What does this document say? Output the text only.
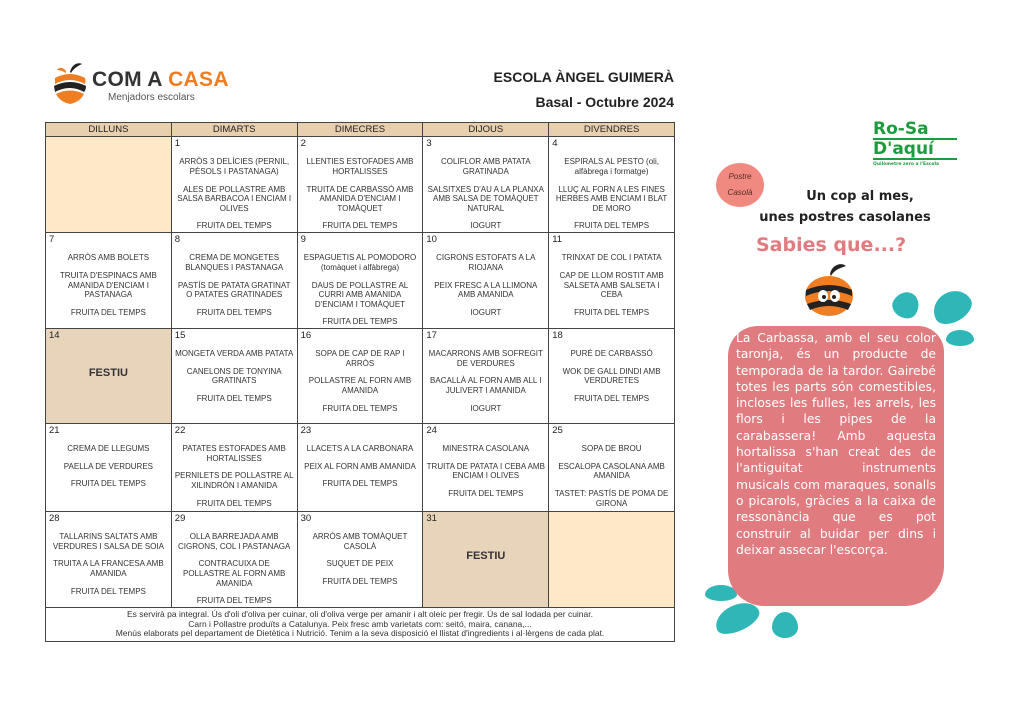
COM A CASA
Menjadors escolars
ESCOLA ÀNGEL GUIMERÀ
Basal - Octubre 2024
DILLUNS	DIMARTS	DIMECRES	DIJOUS	DIVENDRES

	1
ARRÒS 3 DELÍCIES (PERNIL, PÈSOLS I PASTANAGA)
ALES DE POLLASTRE AMB SALSA BARBACOA I ENCIAM I OLIVES
FRUITA DEL TEMPS	2
LLENTIES ESTOFADES AMB HORTALISSES
TRUITA DE CARBASSÓ AMB AMANIDA D'ENCIAM I TOMÀQUET
FRUITA DEL TEMPS	3
COLIFLOR AMB PATATA GRATINADA
SALSITXES D'AU A LA PLANXA AMB SALSA DE TOMÀQUET NATURAL
IOGURT	4
ESPIRALS AL PESTO (oli, alfàbrega i formatge)
LLUÇ AL FORN A LES FINES HERBES AMB ENCIAM I BLAT DE MORO
FRUITA DEL TEMPS

7
ARRÒS AMB BOLETS
TRUITA D'ESPINACS AMB AMANIDA D'ENCIAM I PASTANAGA
FRUITA DEL TEMPS	8
CREMA DE MONGETES BLANQUES I PASTANAGA
PASTÍS DE PATATA GRATINAT O PATATES GRATINADES
FRUITA DEL TEMPS	9
ESPAGUETIS AL POMODORO (tomàquet i alfàbrega)
DAUS DE POLLASTRE AL CURRI AMB AMANIDA D'ENCIAM I TOMÀQUET
FRUITA DEL TEMPS	10
CIGRONS ESTOFATS A LA RIOJANA
PEIX FRESC A LA LLIMONA AMB AMANIDA
IOGURT	11
TRINXAT DE COL I PATATA
CAP DE LLOM ROSTIT AMB SALSETA AMB SALSETA I CEBA
FRUITA DEL TEMPS

14
FESTIU	15
MONGETA VERDA AMB PATATA
CANELONS DE TONYINA GRATINATS
FRUITA DEL TEMPS	16
SOPA DE CAP DE RAP I ARRÒS
POLLASTRE AL FORN AMB AMANIDA
FRUITA DEL TEMPS	17
MACARRONS AMB SOFREGIT DE VERDURES
BACALLÀ AL FORN AMB ALL I JULIVERT I AMANIDA
IOGURT	18
PURÉ DE CARBASSÓ
WOK DE GALL DINDI AMB VERDURETES
FRUITA DEL TEMPS

21
CREMA DE LLEGUMS
PAELLA DE VERDURES
FRUITA DEL TEMPS	22
PATATES ESTOFADES AMB HORTALISSES
PERNILETS DE POLLASTRE AL XILINDRÓN I AMANIDA
FRUITA DEL TEMPS	23
LLACETS A LA CARBONARA
PEIX AL FORN AMB AMANIDA
FRUITA DEL TEMPS	24
MINESTRA CASOLANA
TRUITA DE PATATA I CEBA AMB ENCIAM I OLIVES
FRUITA DEL TEMPS	25
SOPA DE BROU
ESCALOPA CASOLANA AMB AMANIDA
TASTET: PASTÍS DE POMA DE GIRONA

28
TALLARINS SALTATS AMB VERDURES I SALSA DE SOIA
TRUITA A LA FRANCESA AMB AMANIDA
FRUITA DEL TEMPS	29
OLLA BARREJADA AMB CIGRONS, COL I PASTANAGA
CONTRACUIXA DE POLLASTRE AL FORN AMB AMANIDA
FRUITA DEL TEMPS	30
ARRÒS AMB TOMÀQUET CASOLÀ
SUQUET DE PEIX
FRUITA DEL TEMPS	31
FESTIU	

Es servirà pa integral. Ús d'oli d'oliva per cuinar, oli d'oliva verge per amanir i alt oleic per fregir. Ús de sal Iodada per cuinar.
Carn i Pollastre produïts a Catalunya. Peix fresc amb varietats com: seitó, maira, canana,...
Menús elaborats pel departament de Dietètica i Nutrició. Tenim a la seva disposició el llistat d'ingredients i al·lèrgens de cada plat.				
Ro-Sa
D'aquí
Quilòmetre zero a l'Escola
Postre
Casolà	Un cop al mes,
unes postres casolanes
Sabies que...?
La Carbassa, amb el seu color taronja, és un producte de temporada de la tardor. Gairebé totes les parts són comestibles, incloses les fulles, les arrels, les flors i les pipes de la carabassera! Amb aquesta hortalissa s'han creat des de l'antiguitat instruments musicals com maraques, sonalls o picarols, gràcies a la caixa de ressonància que es pot construir al buidar per dins i deixar assecar l'escorça.
